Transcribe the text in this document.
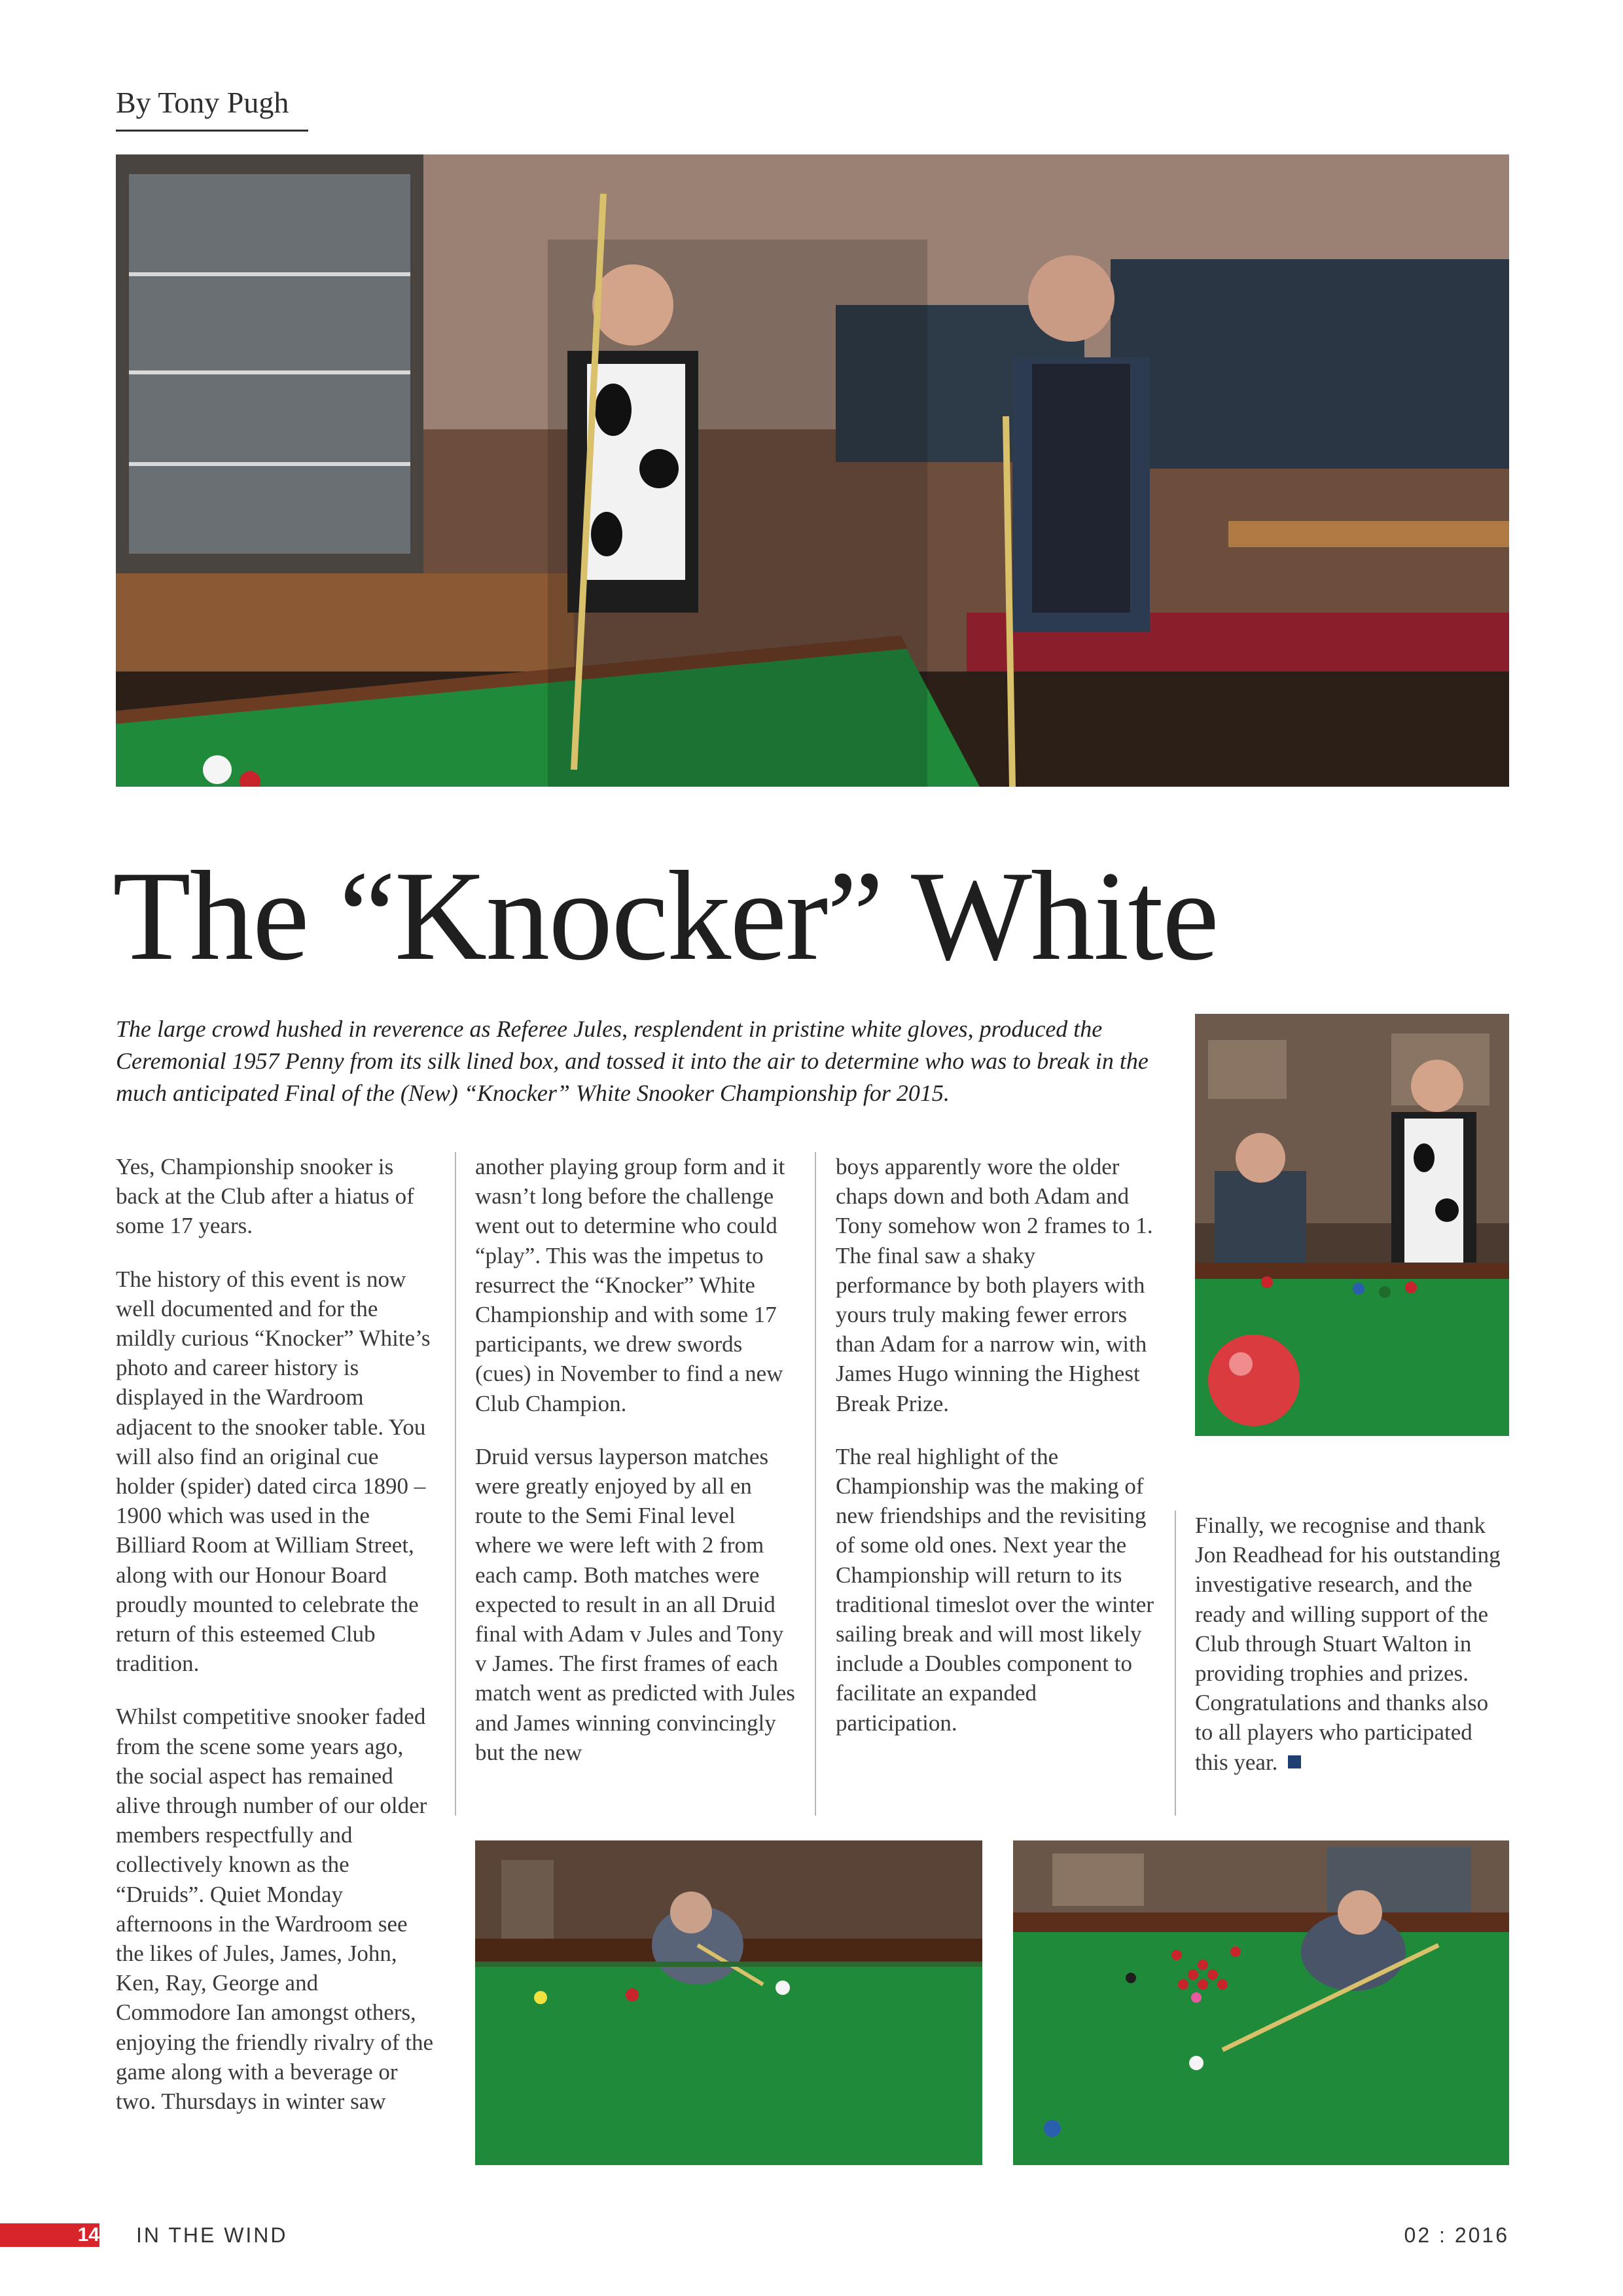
By Tony Pugh
The “Knocker” White
The large crowd hushed in reverence as Referee Jules, resplendent in pristine white gloves, produced the Ceremonial 1957 Penny from its silk lined box, and tossed it into the air to determine who was to break in the much anticipated Final of the (New) “Knocker” White Snooker Championship for 2015.

Yes, Championship snooker is back at the Club after a hiatus of some 17 years.

The history of this event is now well documented and for the mildly curious “Knocker” White’s photo and career history is displayed in the Wardroom adjacent to the snooker table. You will also find an original cue holder (spider) dated circa 1890 – 1900 which was used in the Billiard Room at William Street, along with our Honour Board proudly mounted to celebrate the return of this esteemed Club tradition.

Whilst competitive snooker faded from the scene some years ago, the social aspect has remained alive through number of our older members respectfully and collectively known as the “Druids”. Quiet Monday afternoons in the Wardroom see the likes of Jules, James, John, Ken, Ray, George and Commodore Ian amongst others, enjoying the friendly rivalry of the game along with a beverage or two. Thursdays in winter saw

another playing group form and it wasn’t long before the challenge went out to determine who could “play”. This was the impetus to resurrect the “Knocker” White Championship and with some 17 participants, we drew swords (cues) in November to find a new Club Champion.

Druid versus layperson matches were greatly enjoyed by all en route to the Semi Final level where we were left with 2 from each camp. Both matches were expected to result in an all Druid final with Adam v Jules and Tony v James. The first frames of each match went as predicted with Jules and James winning convincingly but the new

boys apparently wore the older chaps down and both Adam and Tony somehow won 2 frames to 1. The final saw a shaky performance by both players with yours truly making fewer errors than Adam for a narrow win, with James Hugo winning the Highest Break Prize.

The real highlight of the Championship was the making of new friendships and the revisiting of some old ones. Next year the Championship will return to its traditional timeslot over the winter sailing break and will most likely include a Doubles component to facilitate an expanded participation.

Finally, we recognise and thank Jon Readhead for his outstanding investigative research, and the ready and willing support of the Club through Stuart Walton in providing trophies and prizes. Congratulations and thanks also to all players who participated this year.

14 IN THE WIND	02 : 2016
